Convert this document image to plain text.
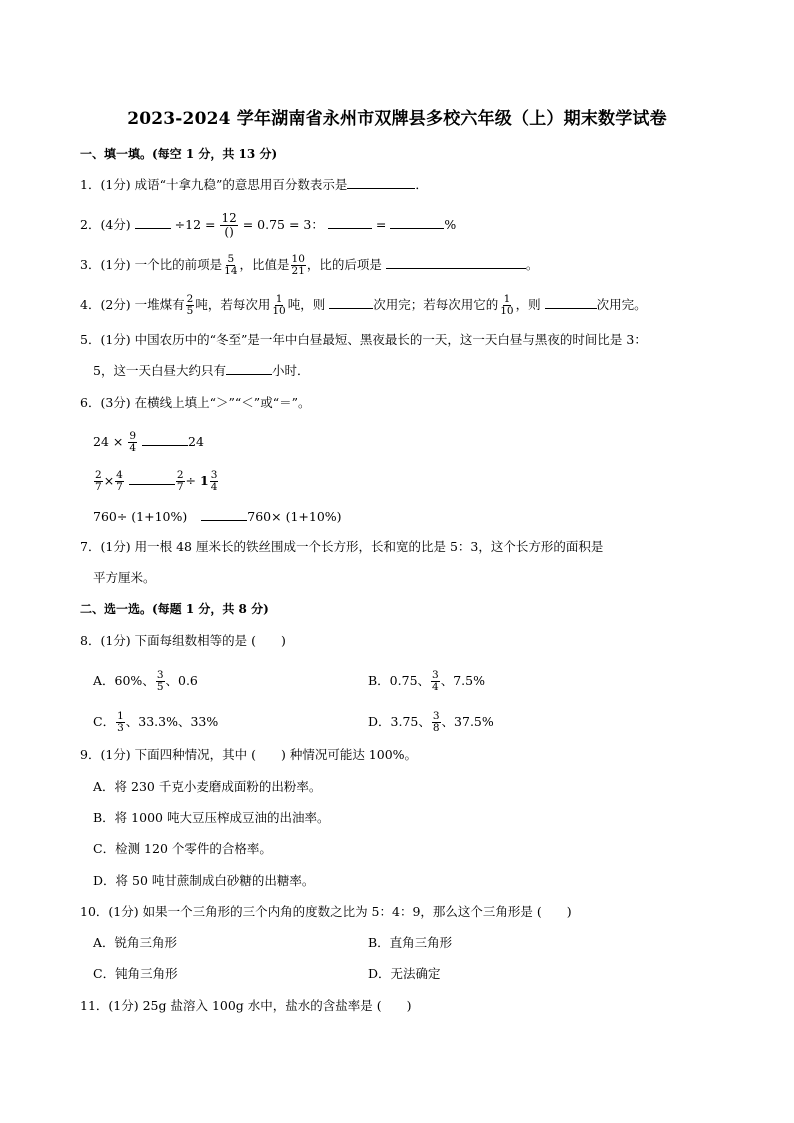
2023-2024 学年湖南省永州市双牌县多校六年级（上）期末数学试卷
一、填一填。(每空 1 分，共 13 分)
1．(1分) 成语“十拿九稳”的意思用百分数表示是	．
2．(4分)	$\div 12 = \frac{12}{()} = 0.75 = 3$：	=	%
3．(1分) 一个比的前项是 $\frac{5}{14}$ ，比值是 $\frac{10}{21}$ ，比的后项是	。
4．(2分) 一堆煤有 $\frac{2}{5}$ 吨，若每次用 $\frac{1}{10}$ 吨，则	次用完；若每次用它的 $\frac{1}{10}$ ，则	次用完。
5．(1分) 中国农历中的“冬至”是一年中白昼最短、黑夜最长的一天，这一天白昼与黑夜的时间比是 3：
5，这一天白昼大约只有	小时．
6．(3分) 在横线上填上“＞”“＜”或“＝”。
$24 \times \frac{9}{4}$	24
$\frac{2}{7} \times \frac{4}{7}$
	$\frac{2}{7} \div 1 \frac{3}{4}$
760÷ (1+10%)	760× (1+10%)
7．(1分) 用一根 48 厘米长的铁丝围成一个长方形，长和宽的比是 5：3，这个长方形的面积是
平方厘米。
二、选一选。(每题 1 分，共 8 分)
8．(1分) 下面每组数相等的是 (　　)
A．60%、 $\frac{3}{5}$ 、0.6	B．0.75、 $\frac{3}{4}$ 、7.5%
C． $\frac{1}{3}$ 、33.3%、33%	D．3.75、 $\frac{3}{8}$ 、37.5%
9．(1分) 下面四种情况，其中 (　　) 种情况可能达 100%。
A．将 230 千克小麦磨成面粉的出粉率。
B．将 1000 吨大豆压榨成豆油的出油率。
C．检测 120 个零件的合格率。
D．将 50 吨甘蔗制成白砂糖的出糖率。
10．(1分) 如果一个三角形的三个内角的度数之比为 5：4：9，那么这个三角形是 (　　)
A．锐角三角形	B．直角三角形
C．钝角三角形	D．无法确定
11．(1分) 25g 盐溶入 100g 水中，盐水的含盐率是 (　　)
